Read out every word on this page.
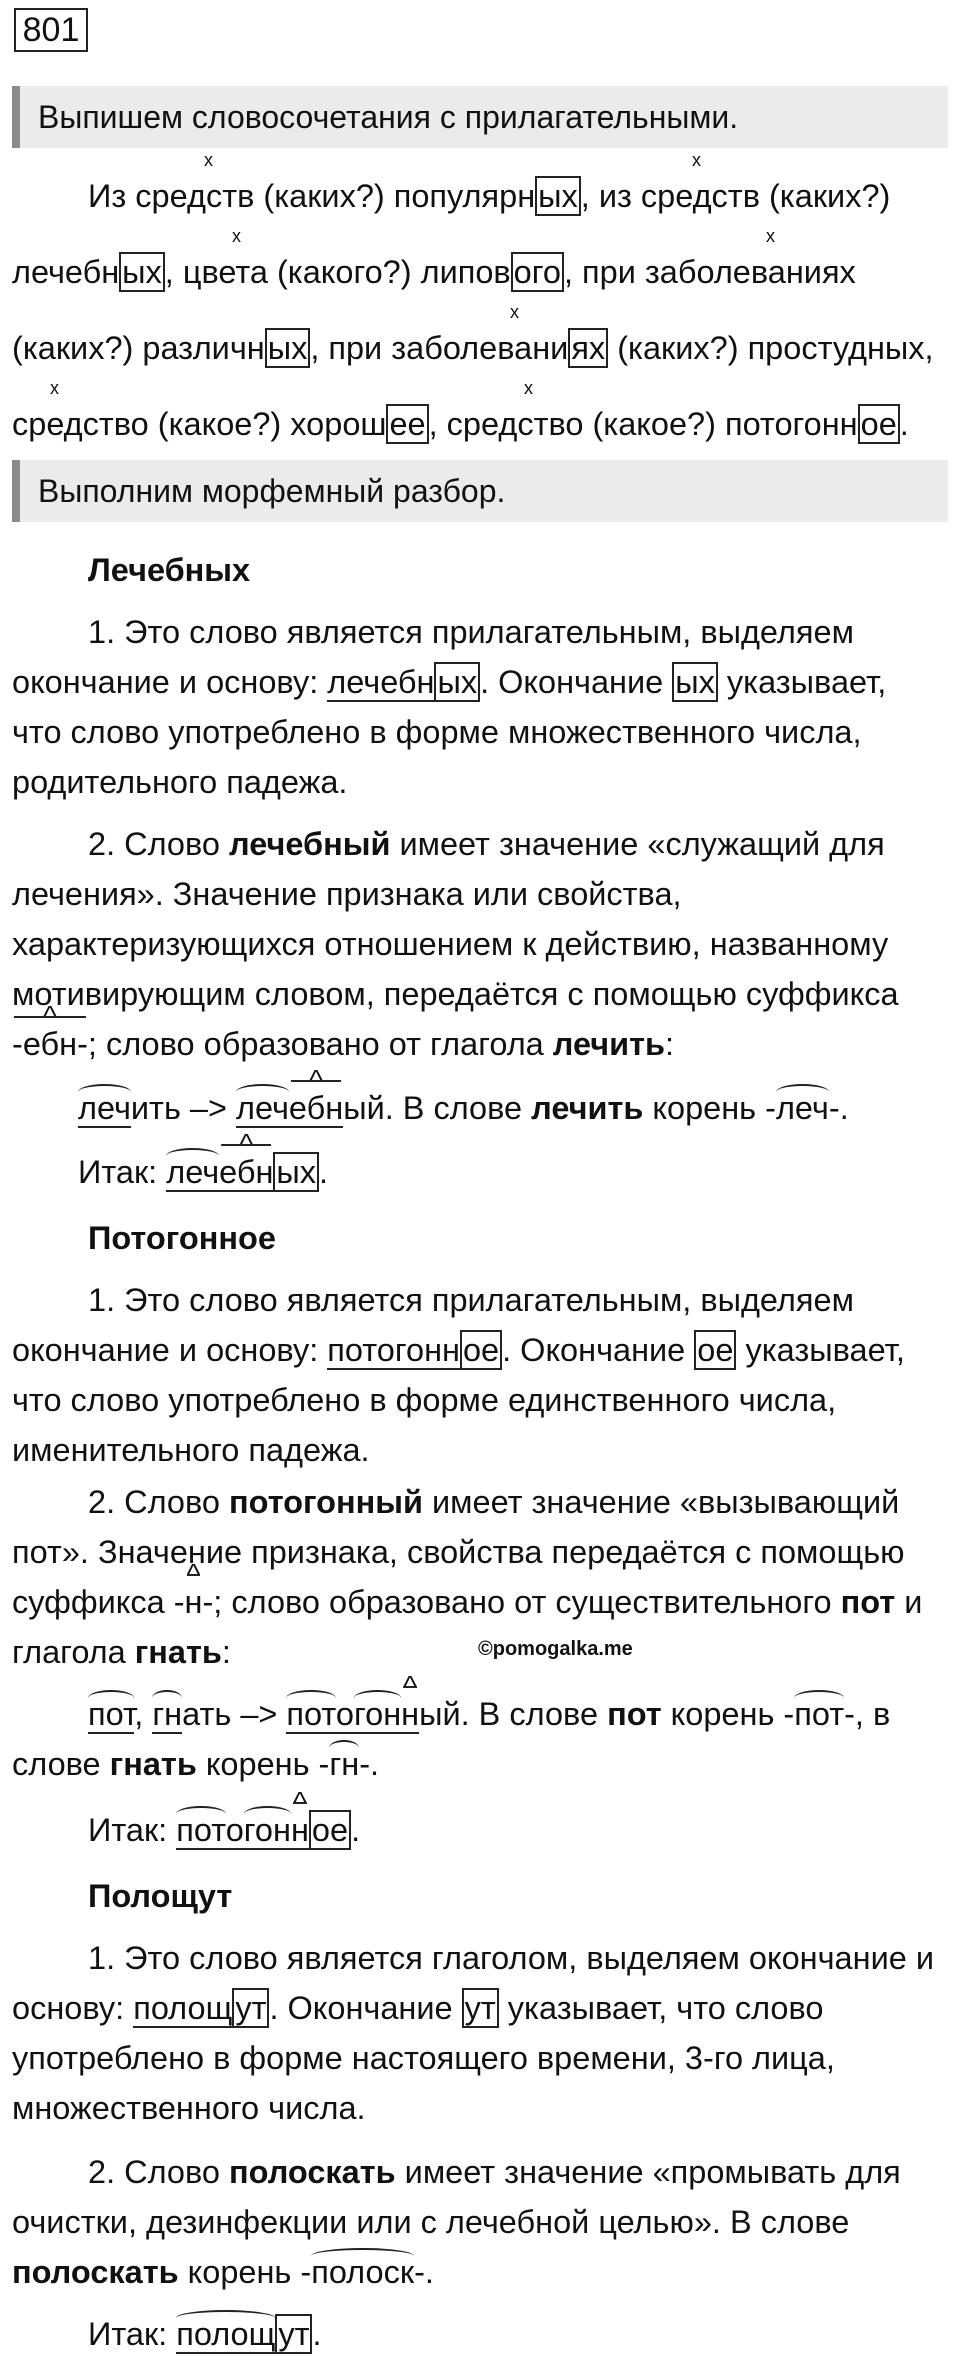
801
Выпишем словосочетания с прилагательными.
x	x
x	x
x
x	x
Из средств (каких?) популярных, из средств (каких?)
лечебных, цвета (какого?) липового, при заболеваниях
(каких?) различных, при заболеваниях (каких?) простудных,
средство (какое?) хорошее, средство (какое?) потогонное.
Выполним морфемный разбор.
Лечебных
1. Это слово является прилагательным, выделяем
окончание и основу: лечебных. Окончание ых указывает,
что слово употреблено в форме множественного числа,
родительного падежа.
2. Слово лечебный имеет значение «служащий для
лечения». Значение признака или свойства,
характеризующихся отношением к действию, названному
мотивирующим словом, передаётся с помощью суффикса
-ебн- ^; слово образовано от глагола лечить:
лечить –> лечебн ^ый. В слове лечить корень -леч-.
Итак: лечебн ^ых.
Потогонное
1. Это слово является прилагательным, выделяем
окончание и основу: потогонное. Окончание ое указывает,
что слово употреблено в форме единственного числа,
именительного падежа.
2. Слово потогонный имеет значение «вызывающий
пот». Значение признака, свойства передаётся с помощью
суффикса -н ^-; слово образовано от существительного пот и
глагола гнать:	©pomogalka.me
пот, гнать –> потогонн ^ый. В слове пот корень -пот-, в
слове гнать корень -гн-.
Итак: потогонн ^ое.
Полощут
1. Это слово является глаголом, выделяем окончание и
основу: полощут. Окончание ут указывает, что слово
употреблено в форме настоящего времени, 3-го лица,
множественного числа.
2. Слово полоскать имеет значение «промывать для
очистки, дезинфекции или с лечебной целью». В слове
полоскать корень -полоск-.
Итак: полощут.
